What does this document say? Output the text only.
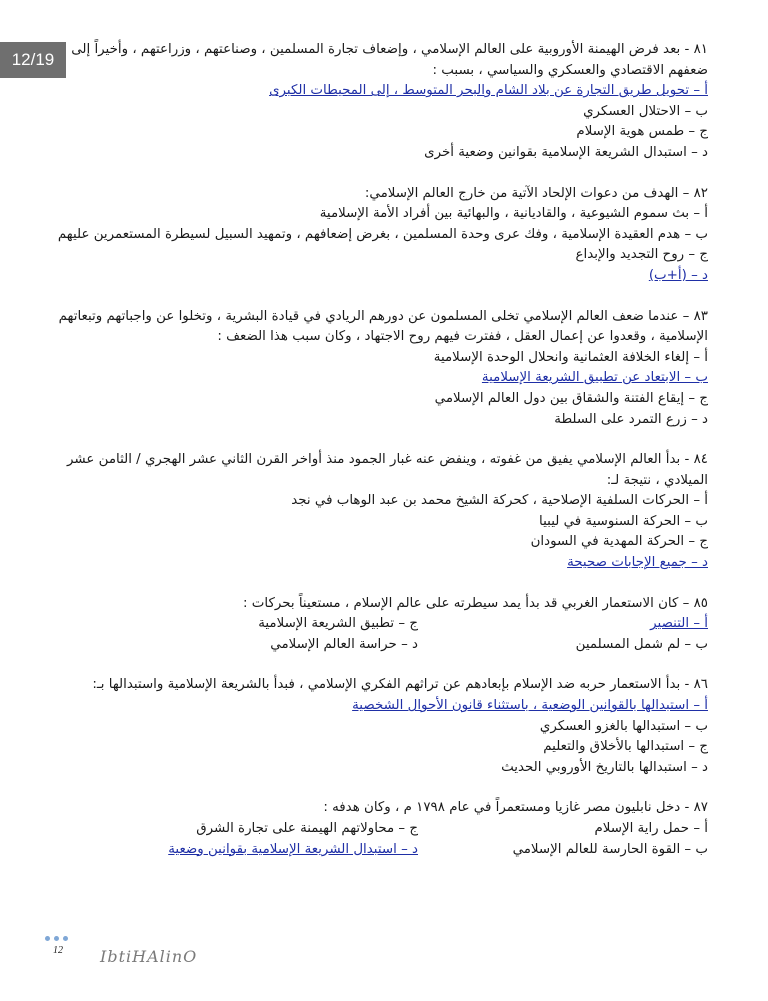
12/19
٨١ - بعد فرض الهيمنة الأوروبية على العالم الإسلامي ، وإضعاف تجارة المسلمين ، وصناعتهم ، وزراعتهم ، وأخيراً إلى ضعفهم الاقتصادي والعسكري والسياسي ، بسبب :
أ – تحويل طريق التجارة عن بلاد الشام والبحر المتوسط ، إلى المحيطات الكبرى
ب – الاحتلال العسكري
ج – طمس هوية الإسلام
د – استبدال الشريعة الإسلامية بقوانين وضعية أخرى
٨٢ – الهدف من دعوات الإلحاد الآتية من خارج العالم الإسلامي:
أ – بث سموم الشيوعية ، والقاديانية ، والبهائية بين أفراد الأمة الإسلامية
ب – هدم العقيدة الإسلامية ، وفك عرى وحدة المسلمين ، بغرض إضعافهم ، وتمهيد السبيل لسيطرة المستعمرين عليهم
ج – روح التجديد والإبداع
د – (أ+ب)
٨٣ – عندما ضعف العالم الإسلامي تخلى المسلمون عن دورهم الريادي في قيادة البشرية ، وتخلوا عن واجباتهم وتبعاتهم الإسلامية ، وقعدوا عن إعمال العقل ، ففترت فيهم روح الاجتهاد ، وكان سبب هذا الضعف :
أ – إلغاء الخلافة العثمانية وانحلال الوحدة الإسلامية
ب – الابتعاد عن تطبيق الشريعة الإسلامية
ج – إيقاع الفتنة والشقاق بين دول العالم الإسلامي
د – زرع التمرد على السلطة
٨٤ - بدأ العالم الإسلامي يفيق من غفوته ، وينفض عنه غبار الجمود منذ أواخر القرن الثاني عشر الهجري / الثامن عشر الميلادي ، نتيجة لـ:
أ – الحركات السلفية الإصلاحية ، كحركة الشيخ محمد بن عبد الوهاب في نجد
ب – الحركة السنوسية في ليبيا
ج – الحركة المهدية في السودان
د – جميع الإجابات صحيحة
٨٥ – كان الاستعمار الغربي قد بدأ يمد سيطرته على عالم الإسلام ، مستعيناً بحركات :
أ – التنصير
ب – لم شمل المسلمين
ج – تطبيق الشريعة الإسلامية
د – حراسة العالم الإسلامي
٨٦ - بدأ الاستعمار حربه ضد الإسلام بإبعادهم عن تراثهم الفكري الإسلامي ، فبدأ بالشريعة الإسلامية واستبدالها بـ:
أ – استبدالها بالقوانين الوضعية ، باستثناء قانون الأحوال الشخصية
ب – استبدالها بالغزو العسكري
ج – استبدالها بالأخلاق والتعليم
د – استبدالها بالتاريخ الأوروبي الحديث
٨٧ - دخل نابليون مصر غازيا ومستعمراً في عام ١٧٩٨ م ، وكان هدفه :
أ – حمل راية الإسلام
ب – القوة الحارسة للعالم الإسلامي
ج – محاولاتهم الهيمنة على تجارة الشرق
د – استبدال الشريعة الإسلامية بقوانين وضعية
12 IbtiHAlinO
